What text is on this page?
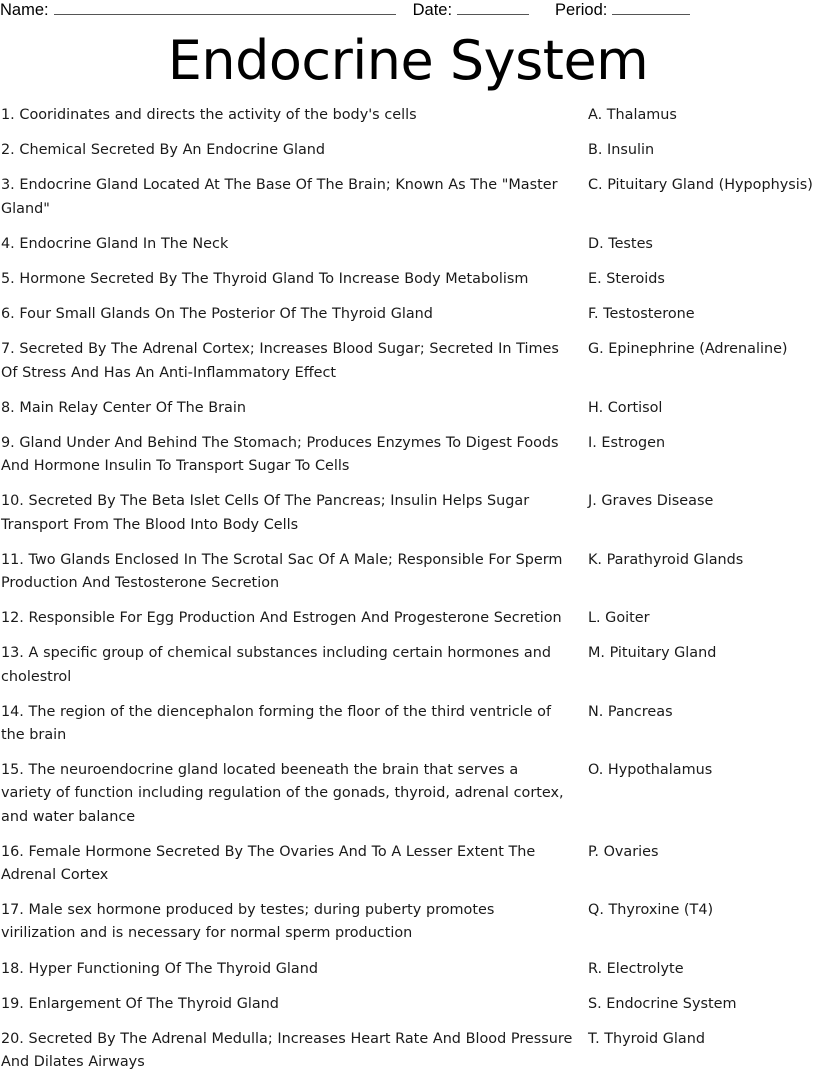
Name:	Date:	Period:
Endocrine System
1. Cooridinates and directs the activity of the body's cells	A. Thalamus
2. Chemical Secreted By An Endocrine Gland	B. Insulin
3. Endocrine Gland Located At The Base Of The Brain; Known As The "Master Gland"
C. Pituitary Gland (Hypophysis)
4. Endocrine Gland In The Neck	D. Testes
5. Hormone Secreted By The Thyroid Gland To Increase Body Metabolism	E. Steroids
6. Four Small Glands On The Posterior Of The Thyroid Gland	F. Testosterone
7. Secreted By The Adrenal Cortex; Increases Blood Sugar; Secreted In Times Of Stress And Has An Anti-Inflammatory Effect
G. Epinephrine (Adrenaline)
8. Main Relay Center Of The Brain	H. Cortisol
9. Gland Under And Behind The Stomach; Produces Enzymes To Digest Foods And Hormone Insulin To Transport Sugar To Cells
I. Estrogen
10. Secreted By The Beta Islet Cells Of The Pancreas; Insulin Helps Sugar Transport From The Blood Into Body Cells
J. Graves Disease
11. Two Glands Enclosed In The Scrotal Sac Of A Male; Responsible For Sperm Production And Testosterone Secretion
K. Parathyroid Glands
12. Responsible For Egg Production And Estrogen And Progesterone Secretion	L. Goiter
13. A specific group of chemical substances including certain hormones and cholestrol
M. Pituitary Gland
14. The region of the diencephalon forming the floor of the third ventricle of the brain
N. Pancreas
15. The neuroendocrine gland located beeneath the brain that serves a variety of function including regulation of the gonads, thyroid, adrenal cortex, and water balance
O. Hypothalamus
16. Female Hormone Secreted By The Ovaries And To A Lesser Extent The Adrenal Cortex
P. Ovaries
17. Male sex hormone produced by testes; during puberty promotes virilization and is necessary for normal sperm production
Q. Thyroxine (T4)
18. Hyper Functioning Of The Thyroid Gland	R. Electrolyte
19. Enlargement Of The Thyroid Gland	S. Endocrine System
20. Secreted By The Adrenal Medulla; Increases Heart Rate And Blood Pressure And Dilates Airways
T. Thyroid Gland
